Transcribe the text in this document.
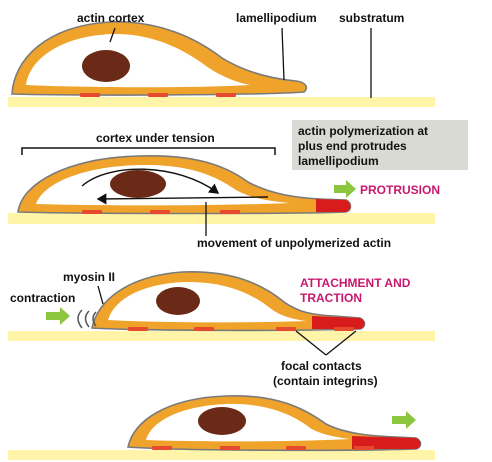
actin cortex	lamellipodium substratum
cortex under tension	actin polymerization at
plus end protrudes
lamellipodium
PROTRUSION
movement of unpolymerized actin
myosin II
contraction
ATTACHMENT AND
TRACTION
focal contacts
(contain integrins)
